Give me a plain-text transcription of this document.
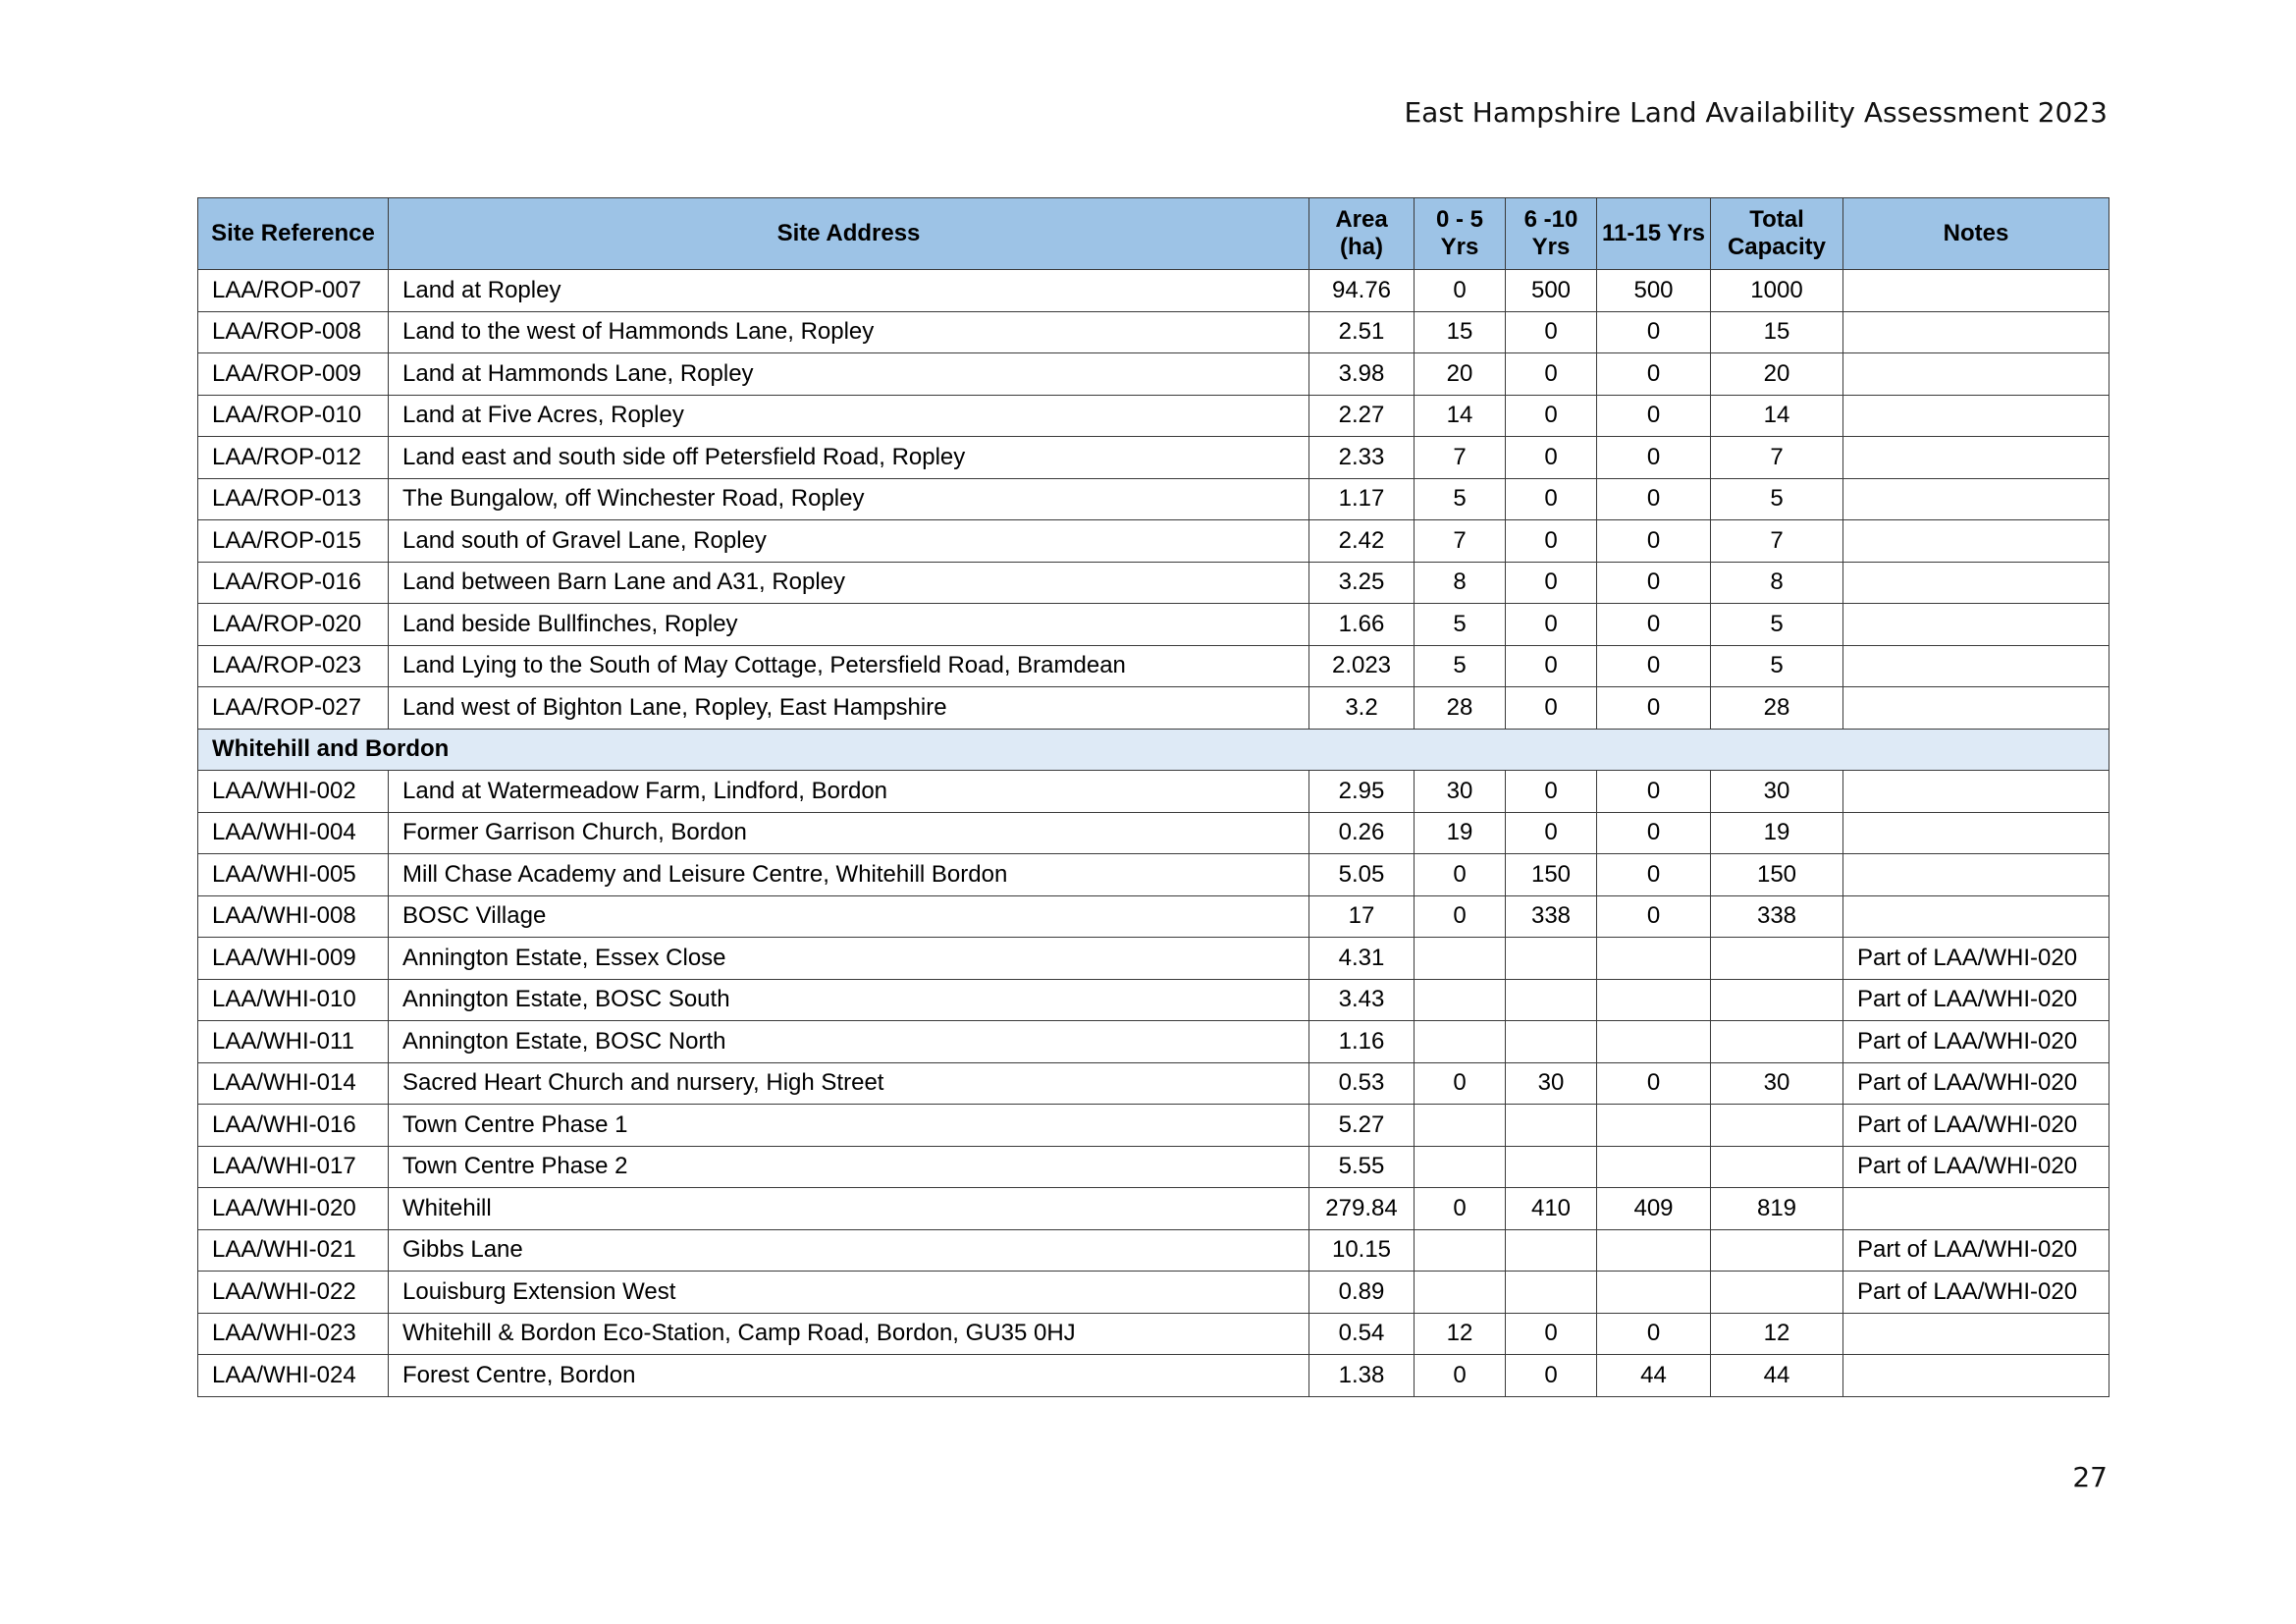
East Hampshire Land Availability Assessment 2023
Site Reference	Site Address	Area (ha)	0 - 5 Yrs	6 -10 Yrs	11-15 Yrs	Total Capacity	Notes
LAA/ROP-007	Land at Ropley	94.76	0	500	500	1000	
LAA/ROP-008	Land to the west of Hammonds Lane, Ropley	2.51	15	0	0	15	
LAA/ROP-009	Land at Hammonds Lane, Ropley	3.98	20	0	0	20	
LAA/ROP-010	Land at Five Acres, Ropley	2.27	14	0	0	14	
LAA/ROP-012	Land east and south side off Petersfield Road, Ropley	2.33	7	0	0	7	
LAA/ROP-013	The Bungalow, off Winchester Road, Ropley	1.17	5	0	0	5	
LAA/ROP-015	Land south of Gravel Lane, Ropley	2.42	7	0	0	7	
LAA/ROP-016	Land between Barn Lane and A31, Ropley	3.25	8	0	0	8	
LAA/ROP-020	Land beside Bullfinches, Ropley	1.66	5	0	0	5	
LAA/ROP-023	Land Lying to the South of May Cottage, Petersfield Road, Bramdean	2.023	5	0	0	5	
LAA/ROP-027	Land west of Bighton Lane, Ropley, East Hampshire	3.2	28	0	0	28	
Whitehill and Bordon							
LAA/WHI-002	Land at Watermeadow Farm, Lindford, Bordon	2.95	30	0	0	30	
LAA/WHI-004	Former Garrison Church, Bordon	0.26	19	0	0	19	
LAA/WHI-005	Mill Chase Academy and Leisure Centre, Whitehill Bordon	5.05	0	150	0	150	
LAA/WHI-008	BOSC Village	17	0	338	0	338	
LAA/WHI-009	Annington Estate, Essex Close	4.31					Part of LAA/WHI-020
LAA/WHI-010	Annington Estate, BOSC South	3.43					Part of LAA/WHI-020
LAA/WHI-011	Annington Estate, BOSC North	1.16					Part of LAA/WHI-020
LAA/WHI-014	Sacred Heart Church and nursery, High Street	0.53	0	30	0	30	Part of LAA/WHI-020
LAA/WHI-016	Town Centre Phase 1	5.27					Part of LAA/WHI-020
LAA/WHI-017	Town Centre Phase 2	5.55					Part of LAA/WHI-020
LAA/WHI-020	Whitehill	279.84	0	410	409	819	
LAA/WHI-021	Gibbs Lane	10.15					Part of LAA/WHI-020
LAA/WHI-022	Louisburg Extension West	0.89					Part of LAA/WHI-020
LAA/WHI-023	Whitehill & Bordon Eco-Station, Camp Road, Bordon, GU35 0HJ	0.54	12	0	0	12	
LAA/WHI-024	Forest Centre, Bordon	1.38	0	0	44	44	
27
